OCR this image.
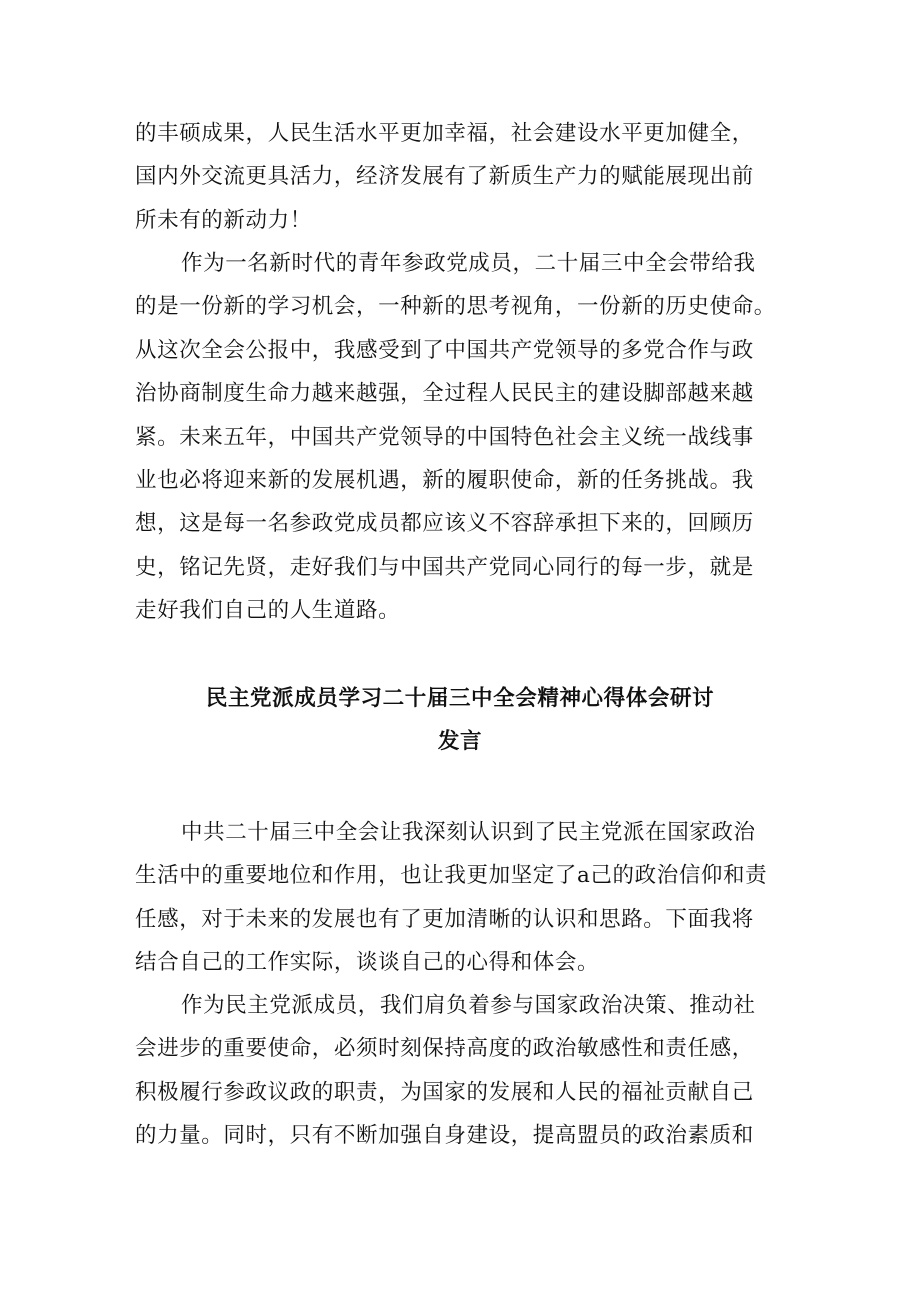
的丰硕成果，人民生活水平更加幸福，社会建设水平更加健全，
国内外交流更具活力，经济发展有了新质生产力的赋能展现出前
所未有的新动力！
作为一名新时代的青年参政党成员，二十届三中全会带给我
的是一份新的学习机会，一种新的思考视角，一份新的历史使命。
从这次全会公报中，我感受到了中国共产党领导的多党合作与政
治协商制度生命力越来越强，全过程人民民主的建设脚部越来越
紧。未来五年，中国共产党领导的中国特色社会主义统一战线事
业也必将迎来新的发展机遇，新的履职使命，新的任务挑战。我
想，这是每一名参政党成员都应该义不容辞承担下来的，回顾历
史，铭记先贤，走好我们与中国共产党同心同行的每一步，就是
走好我们自己的人生道路。
民主党派成员学习二十届三中全会精神心得体会研讨
发言
中共二十届三中全会让我深刻认识到了民主党派在国家政治
生活中的重要地位和作用，也让我更加坚定了a己的政治信仰和责
任感，对于未来的发展也有了更加清晰的认识和思路。下面我将
结合自己的工作实际，谈谈自己的心得和体会。
作为民主党派成员，我们肩负着参与国家政治决策、推动社
会进步的重要使命，必须时刻保持高度的政治敏感性和责任感，
积极履行参政议政的职责，为国家的发展和人民的福祉贡献自己
的力量。同时，只有不断加强自身建设，提高盟员的政治素质和
